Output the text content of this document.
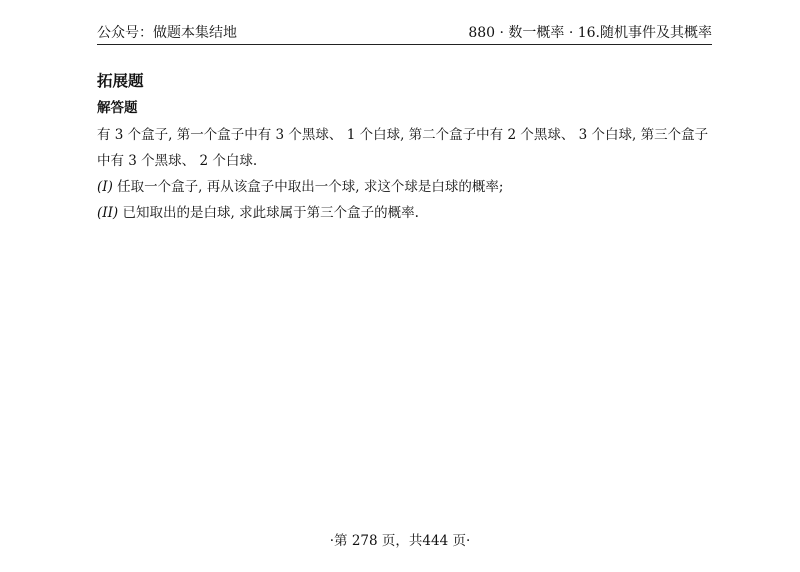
公众号：做题本集结地	880 · 数一概率 · 16.随机事件及其概率
拓展题
解答题

有 3 个盒子, 第一个盒子中有 3 个黑球、 1 个白球, 第二个盒子中有 2 个黑球、 3 个白球, 第三个盒子

中有 3 个黑球、 2 个白球.

(I) 任取一个盒子, 再从该盒子中取出一个球, 求这个球是白球的概率;

(II) 已知取出的是白球, 求此球属于第三个盒子的概率.

·第 278 页，共444 页·
